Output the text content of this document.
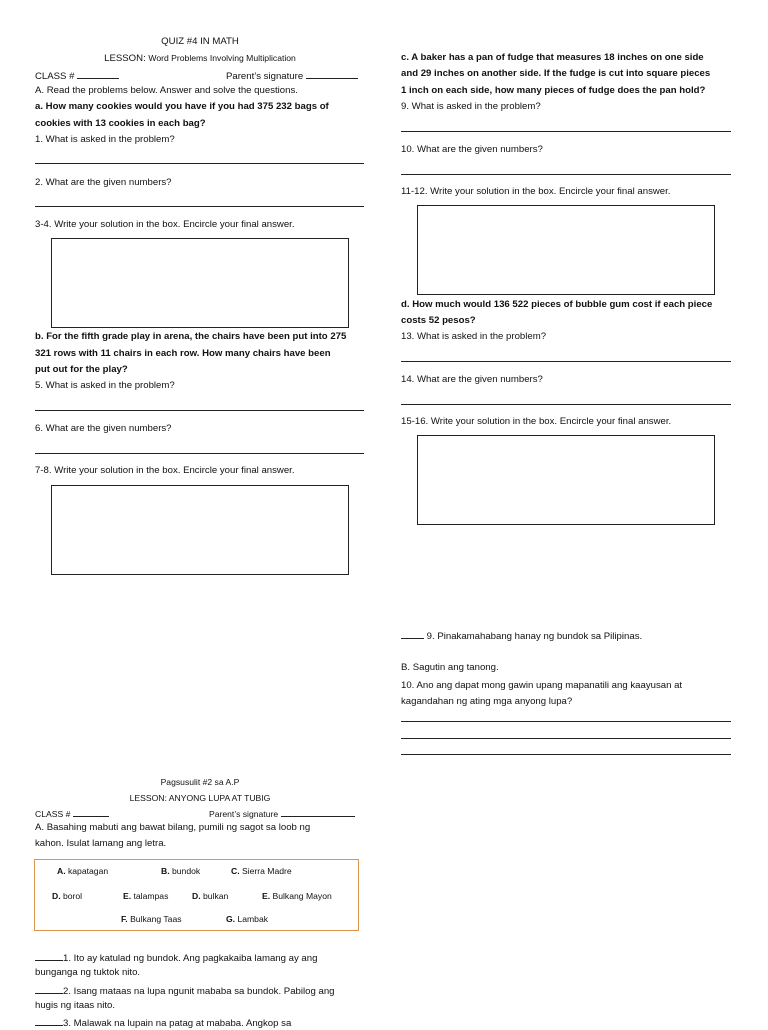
QUIZ #4 IN MATH
LESSON: Word Problems Involving Multiplication
CLASS #	Parent’s signature
A. Read the problems below. Answer and solve the questions.
a. How many cookies would you have if you had 375 232 bags of
cookies with 13 cookies in each bag?
1. What is asked in the problem?
2. What are the given numbers?
3-4. Write your solution in the box. Encircle your final answer.
b. For the fifth grade play in arena, the chairs have been put into 275
321 rows with 11 chairs in each row. How many chairs have been
put out for the play?
5. What is asked in the problem?
6. What are the given numbers?
7-8. Write your solution in the box. Encircle your final answer.
c. A baker has a pan of fudge that measures 18 inches on one side
and 29 inches on another side. If the fudge is cut into square pieces
1 inch on each side, how many pieces of fudge does the pan hold?
9. What is asked in the problem?
10. What are the given numbers?
11-12. Write your solution in the box. Encircle your final answer.
d. How much would 136 522 pieces of bubble gum cost if each piece
costs 52 pesos?
13. What is asked in the problem?
14. What are the given numbers?
15-16. Write your solution in the box. Encircle your final answer.
9. Pinakamahabang hanay ng bundok sa Pilipinas.
B. Sagutin ang tanong.
10. Ano ang dapat mong gawin upang mapanatili ang kaayusan at
kagandahan ng ating mga anyong lupa?
Pagsusulit #2 sa A.P
LESSON: ANYONG LUPA AT TUBIG
CLASS #	Parent’s signature
A. Basahing mabuti ang bawat bilang, pumili ng sagot sa loob ng
kahon. Isulat lamang ang letra.
A. kapatagan	B. bundok	C. Sierra Madre
D. borol	E. talampas	D. bulkan	E. Bulkang Mayon
F. Bulkang Taas	G. Lambak
1. Ito ay katulad ng bundok. Ang pagkakaiba lamang ay ang
bunganga ng tuktok nito.
2. Isang mataas na lupa ngunit mababa sa bundok. Pabilog ang
hugis ng itaas nito.
3. Malawak na lupain na patag at mababa. Angkop sa
